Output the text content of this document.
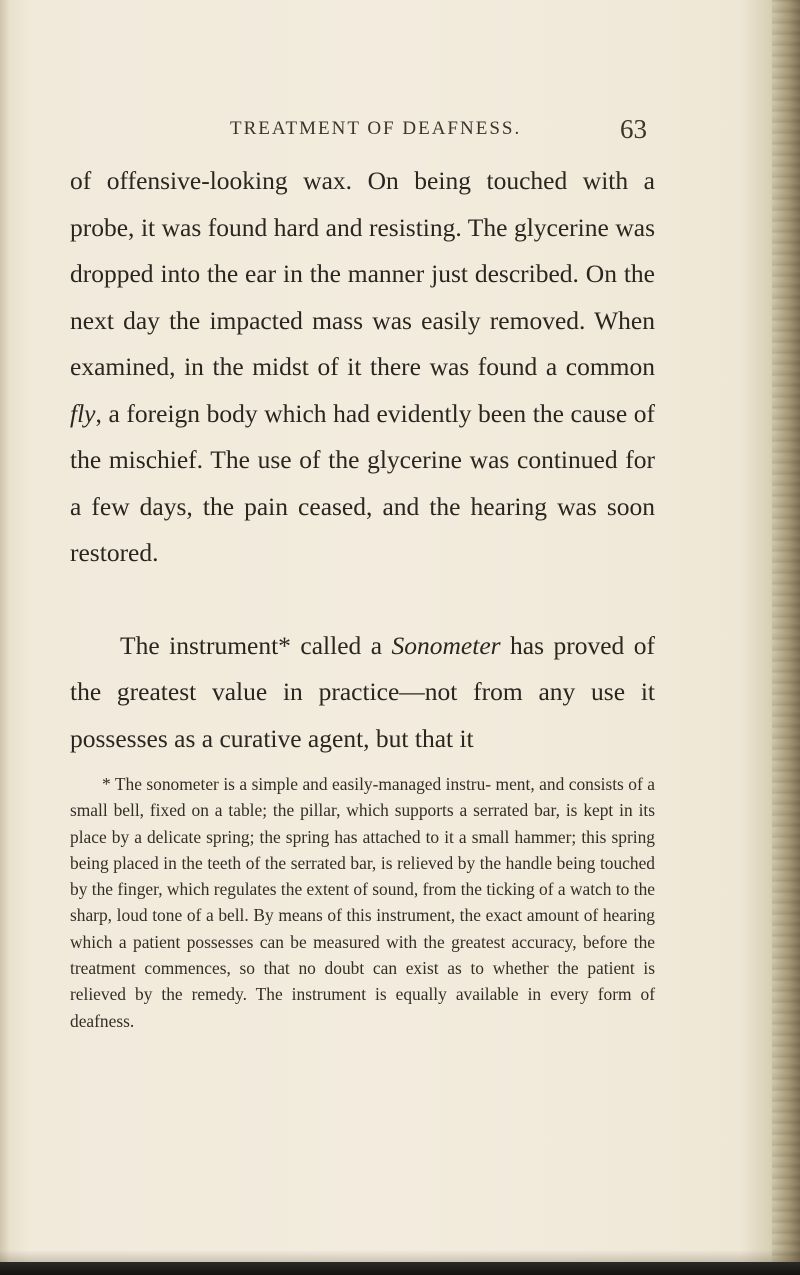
TREATMENT OF DEAFNESS.	63

of offensive-looking wax. On being touched with a probe, it was found hard and resisting. The glycerine was dropped into the ear in the manner just described. On the next day the impacted mass was easily removed. When examined, in the midst of it there was found a common fly, a foreign body which had evidently been the cause of the mischief. The use of the glycerine was continued for a few days, the pain ceased, and the hearing was soon restored.

The instrument* called a Sonometer has proved of the greatest value in practice—not from any use it possesses as a curative agent, but that it

* The sonometer is a simple and easily-managed instru- ment, and consists of a small bell, fixed on a table; the pillar, which supports a serrated bar, is kept in its place by a delicate spring; the spring has attached to it a small hammer; this spring being placed in the teeth of the serrated bar, is relieved by the handle being touched by the finger, which regulates the extent of sound, from the ticking of a watch to the sharp, loud tone of a bell. By means of this instrument, the exact amount of hearing which a patient possesses can be measured with the greatest accuracy, before the treatment commences, so that no doubt can exist as to whether the patient is relieved by the remedy. The instrument is equally available in every form of deafness.
